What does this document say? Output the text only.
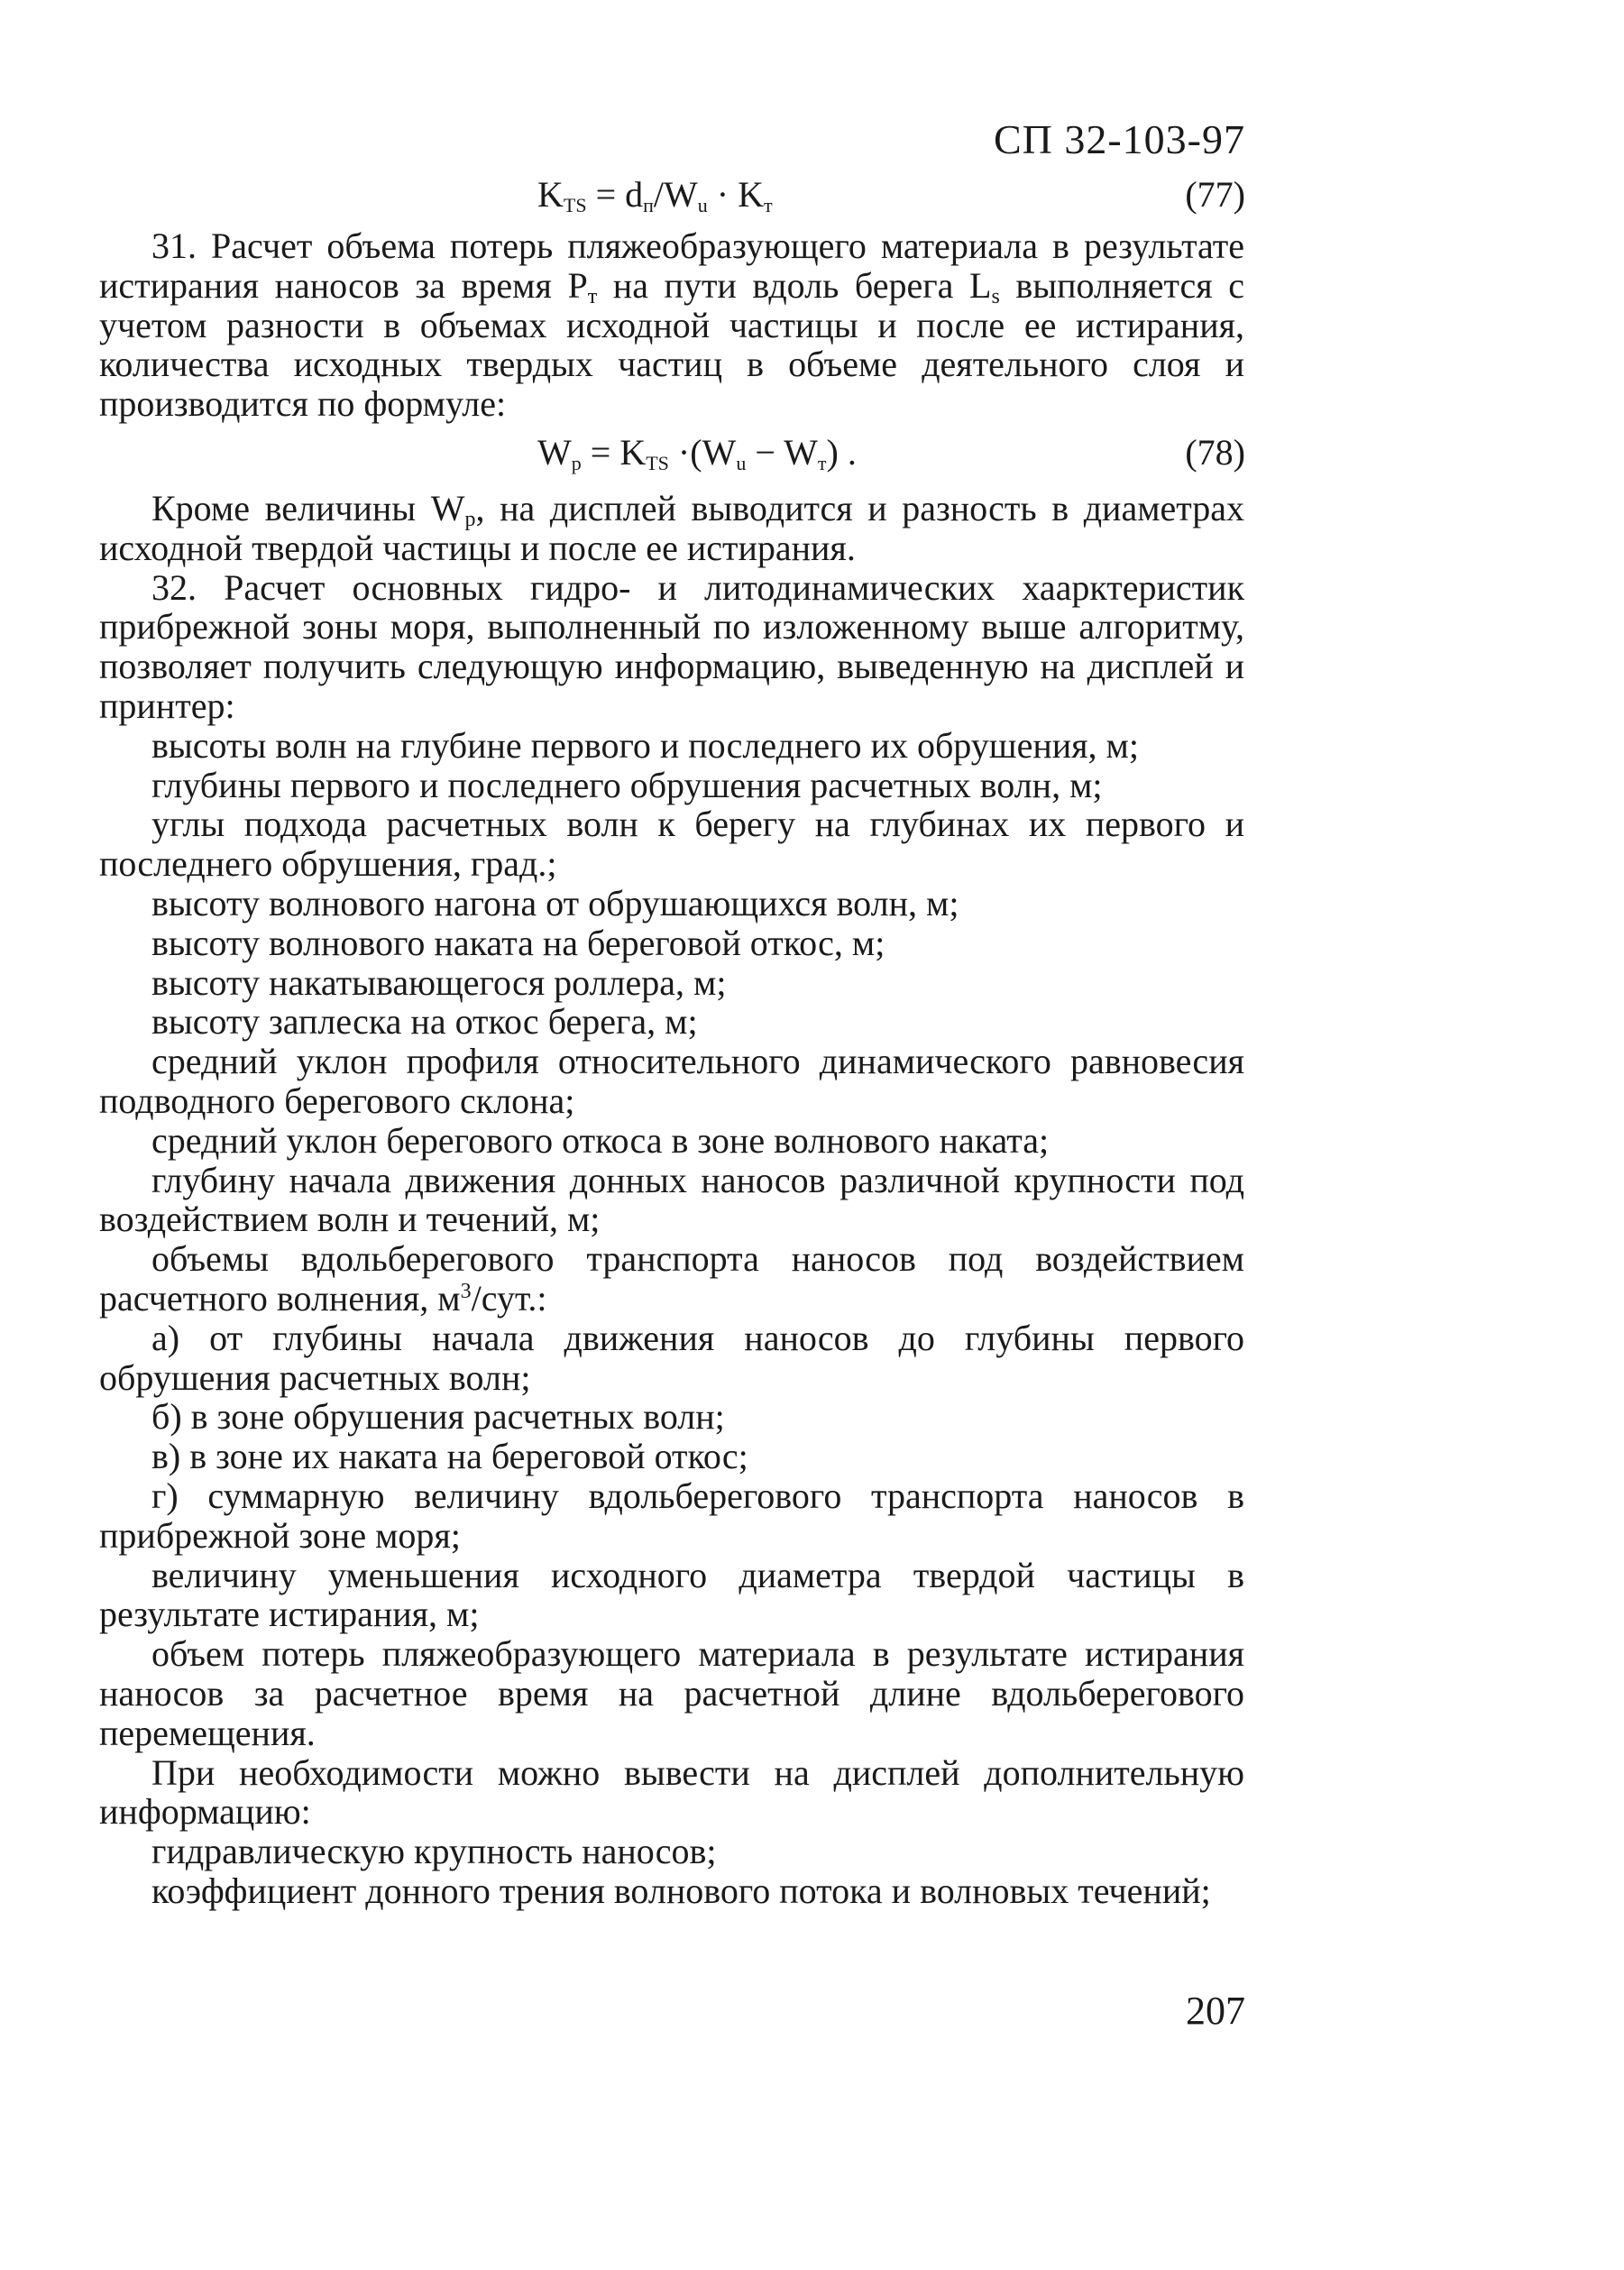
СП 32-103-97
$K_{TS} = d_п/W_u \cdot K_т$	(77)

31. Расчет объема потерь пляжеобразующего материала в результате истирания наносов за время $P_т$ на пути вдоль берега $L_s$ выполняется с учетом разности в объемах исходной частицы и после ее истирания, количества исходных твердых частиц в объеме деятельного слоя и производится по формуле:

$W_p = K_{TS} \cdot(W_u - W_т)$ .	(78)

Кроме величины $W_p$, на дисплей выводится и разность в диаметрах исходной твердой частицы и после ее истирания.

32. Расчет основных гидро- и литодинамических хаарктеристик прибрежной зоны моря, выполненный по изложенному выше алгоритму, позволяет получить следующую информацию, выведенную на дисплей и принтер:

высоты волн на глубине первого и последнего их обрушения, м;

глубины первого и последнего обрушения расчетных волн, м;

углы подхода расчетных волн к берегу на глубинах их первого и последнего обрушения, град.;

высоту волнового нагона от обрушающихся волн, м;

высоту волнового наката на береговой откос, м;

высоту накатывающегося роллера, м;

высоту заплеска на откос берега, м;

средний уклон профиля относительного динамического равновесия подводного берегового склона;

средний уклон берегового откоса в зоне волнового наката;

глубину начала движения донных наносов различной крупности под воздействием волн и течений, м;

объемы вдольберегового транспорта наносов под воздействием расчетного волнения, $м^3$/сут.:

а) от глубины начала движения наносов до глубины первого обрушения расчетных волн;

б) в зоне обрушения расчетных волн;

в) в зоне их наката на береговой откос;

г) суммарную величину вдольберегового транспорта наносов в прибрежной зоне моря;

величину уменьшения исходного диаметра твердой частицы в результате истирания, м;

объем потерь пляжеобразующего материала в результате истирания наносов за расчетное время на расчетной длине вдольберегового перемещения.

При необходимости можно вывести на дисплей дополнительную информацию:

гидравлическую крупность наносов;

коэффициент донного трения волнового потока и волновых течений;

207
